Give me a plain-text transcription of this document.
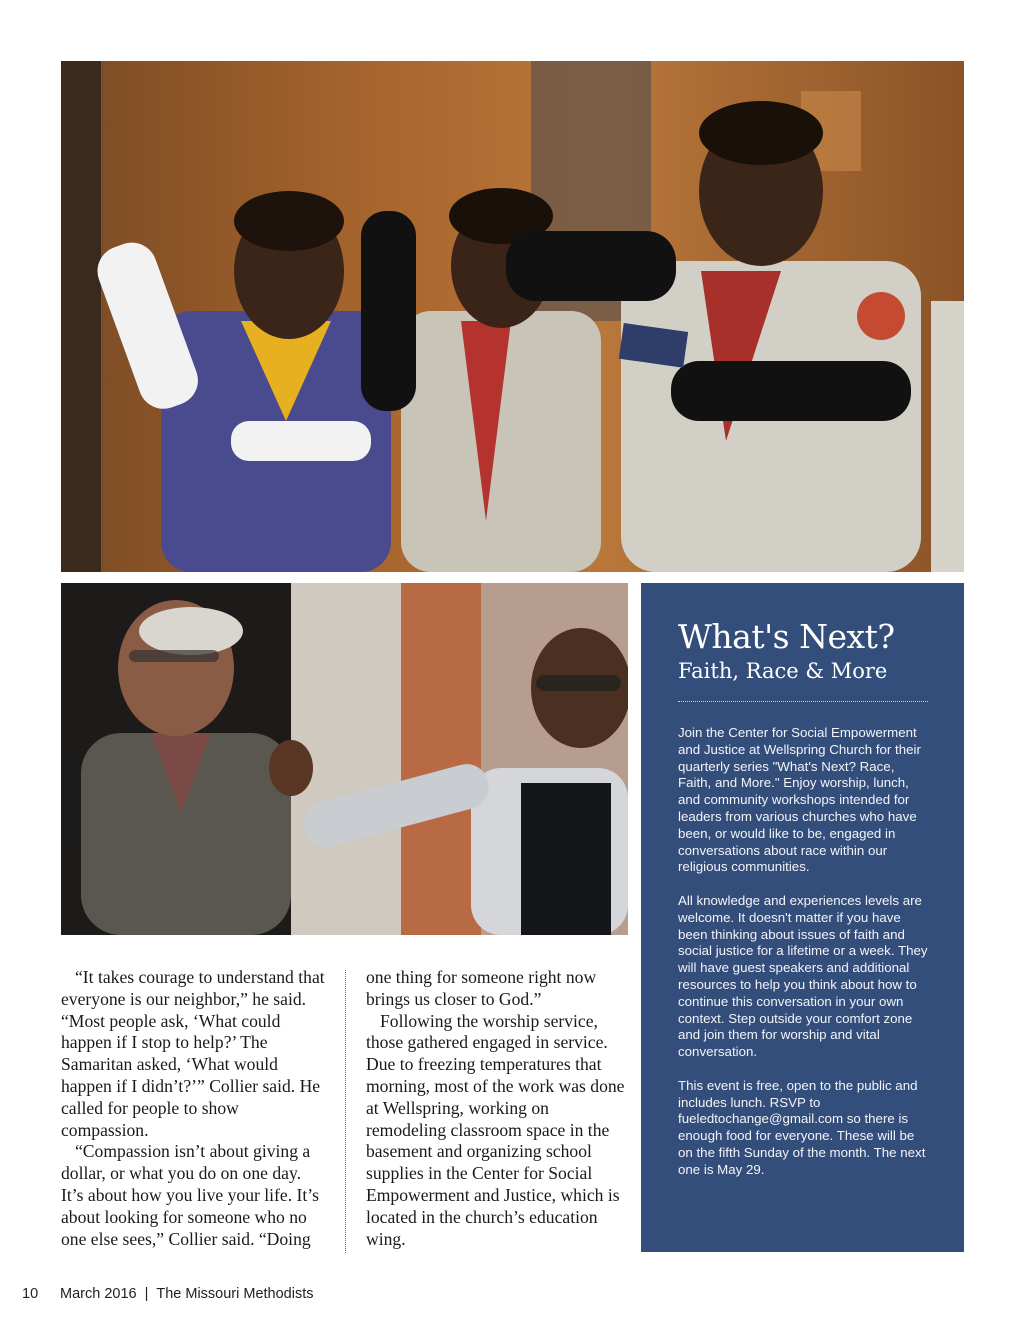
What's Next?
Faith, Race & More

Join the Center for Social Empowerment and Justice at Wellspring Church for their quarterly series "What's Next? Race, Faith, and More." Enjoy worship, lunch, and community workshops intended for leaders from various churches who have been, or would like to be, engaged in conversations about race within our religious communities.

All knowledge and experiences levels are welcome. It doesn't matter if you have been thinking about issues of faith and social justice for a lifetime or a week. They will have guest speakers and additional resources to help you think about how to continue this conversation in your own context. Step outside your comfort zone and join them for worship and vital conversation.

This event is free, open to the public and includes lunch. RSVP to fueledtochange@gmail.com so there is enough food for everyone. These will be on the fifth Sunday of the month. The next one is May 29.

“It takes courage to understand that everyone is our neighbor,” he said. “Most people ask, ‘What could happen if I stop to help?’ The Samaritan asked, ‘What would happen if I didn’t?’” Collier said. He called for people to show compassion.

“Compassion isn’t about giving a dollar, or what you do on one day. It’s about how you live your life. It’s about looking for someone who no one else sees,” Collier said. “Doing

one thing for someone right now brings us closer to God.”

Following the worship service, those gathered engaged in service. Due to freezing temperatures that morning, most of the work was done at Wellspring, working on remodeling classroom space in the basement and organizing school supplies in the Center for Social Empowerment and Justice, which is located in the church’s education wing.

10 March 2016 | The Missouri Methodists
